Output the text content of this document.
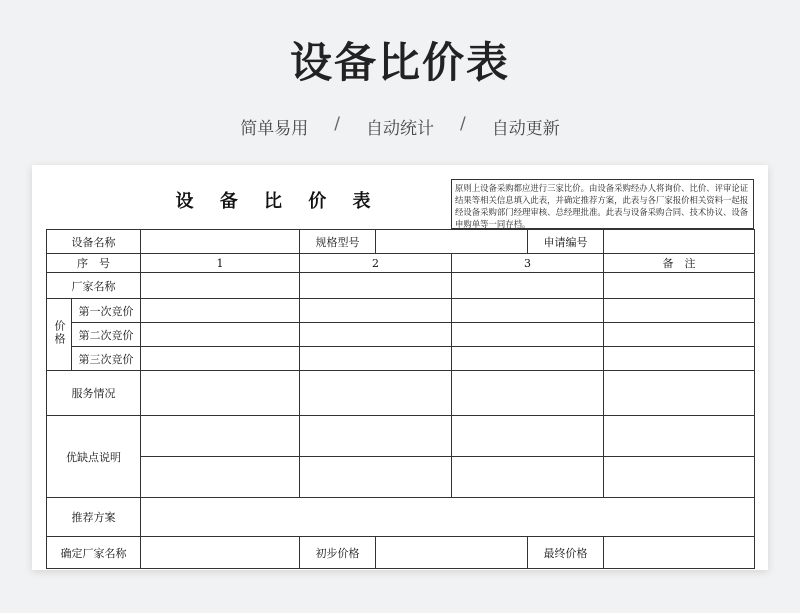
设备比价表
简单易用 / 自动统计 / 自动更新
设 备 比 价 表
原则上设备采购都应进行三家比价。由设备采购经办人将询价、比价、评审论证结果等相关信息填入此表，并确定推荐方案，此表与各厂家报价相关资料一起报经设备采购部门经理审核、总经理批准。此表与设备采购合同、技术协议、设备申购单等一同存档。
设备名称			规格型号			申请编号	
序　号		1	2		3		备　注
厂家名称							
价格	第一次竞价						
	第二次竞价						
	第三次竞价						
服务情况							
优缺点说明							

推荐方案							
确定厂家名称			初步价格			最终价格	
